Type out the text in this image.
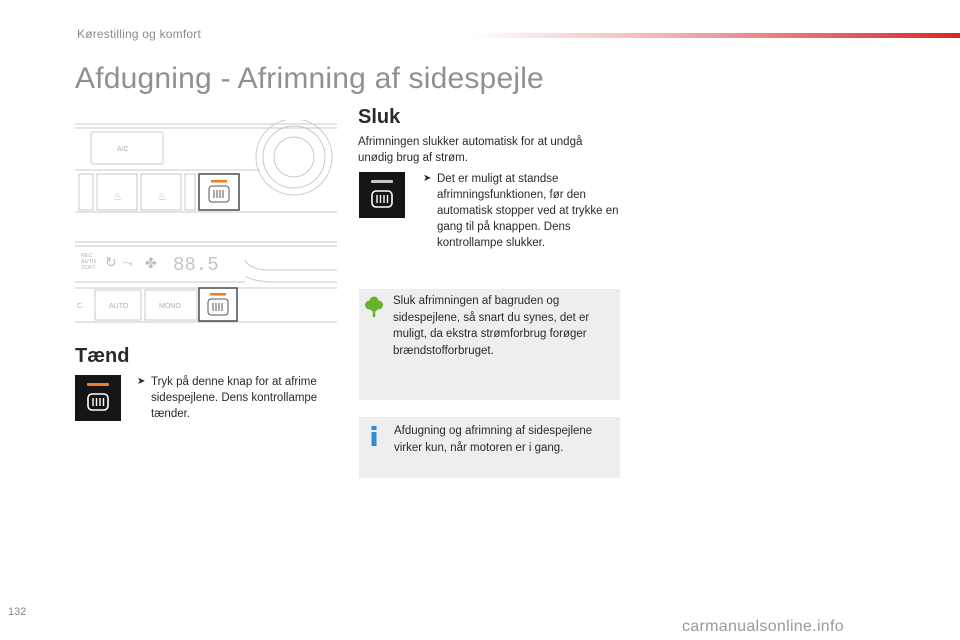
Kørestilling og komfort
Afdugning - Afrimning af sidespejle
A/C
♨	♨
REC
AUTO
SOFT ↻ ⤳ ✤ 88.5
C	AUTO	MONO
Tænd
➤ Tryk på denne knap for at afrime sidespejlene. Dens kontrollampe tænder.
Sluk
Afrimningen slukker automatisk for at undgå unødig brug af strøm.
➤ Det er muligt at standse afrimningsfunktionen, før den automatisk stopper ved at trykke en gang til på knappen. Dens kontrollampe slukker.
Sluk afrimningen af bagruden og sidespejlene, så snart du synes, det er muligt, da ekstra strømforbrug forøger brændstofforbruget.
Afdugning og afrimning af sidespejlene virker kun, når motoren er i gang.
132
carmanualsonline.info
